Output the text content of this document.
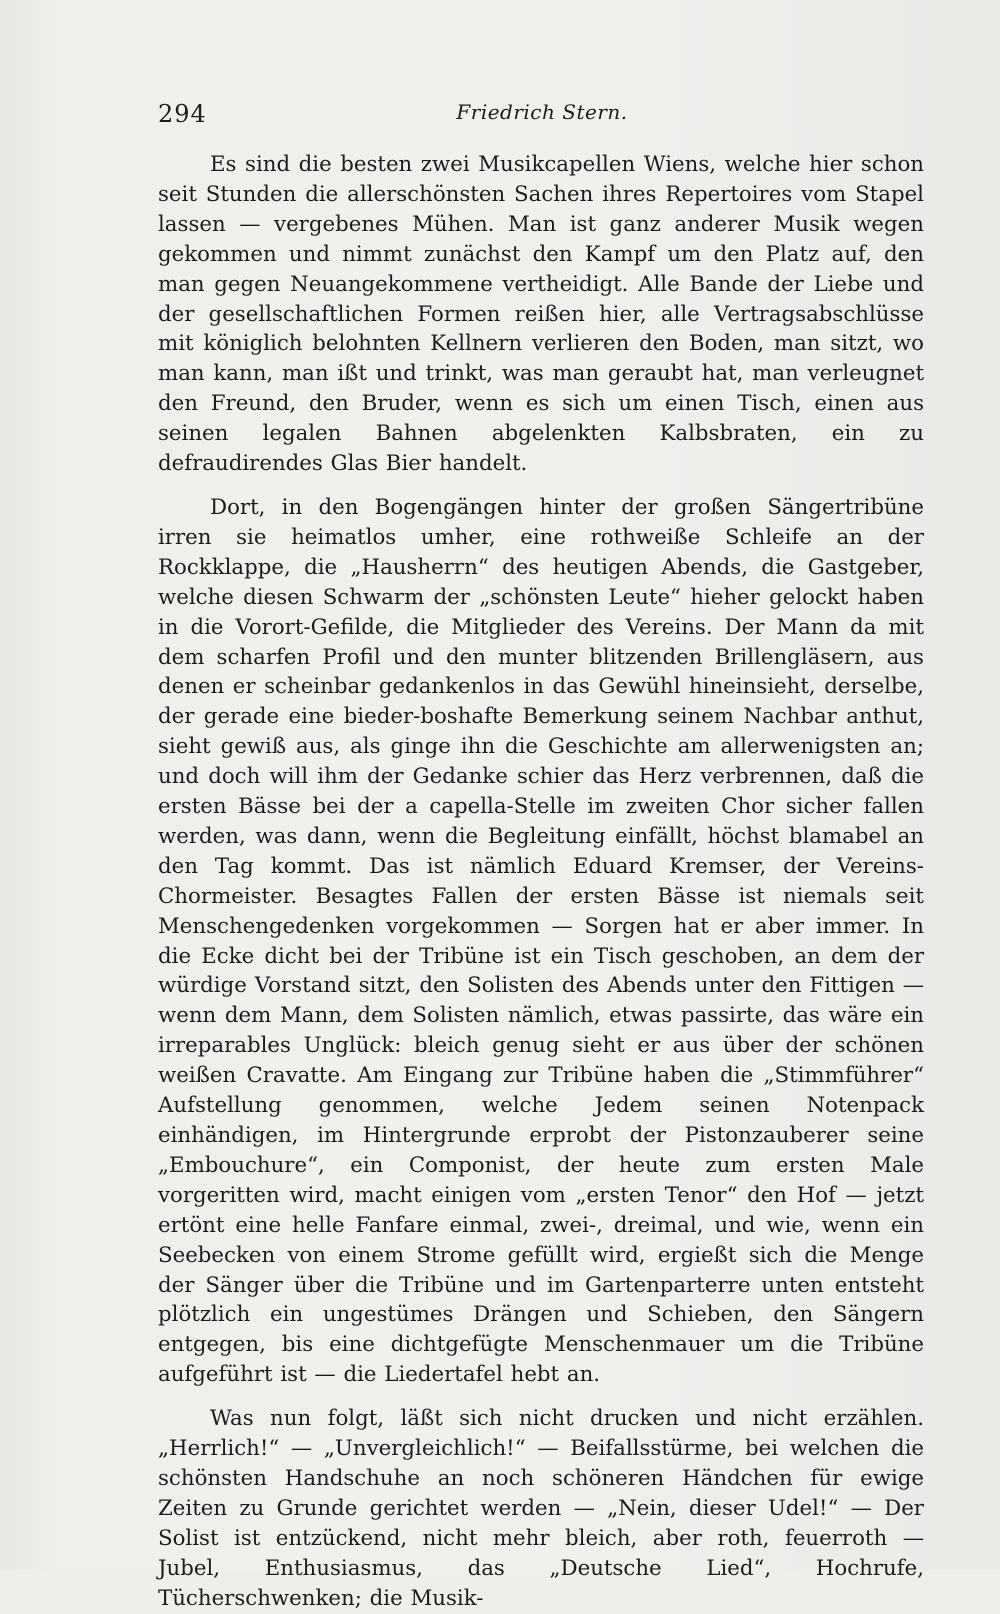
294	Friedrich Stern.

Es sind die besten zwei Musikcapellen Wiens, welche hier schon seit Stunden die allerschönsten Sachen ihres Repertoires vom Stapel lassen — vergebenes Mühen. Man ist ganz anderer Musik wegen gekommen und nimmt zunächst den Kampf um den Platz auf, den man gegen Neuangekommene vertheidigt. Alle Bande der Liebe und der gesellschaftlichen Formen reißen hier, alle Vertragsabschlüsse mit königlich belohnten Kellnern verlieren den Boden, man sitzt, wo man kann, man ißt und trinkt, was man geraubt hat, man verleugnet den Freund, den Bruder, wenn es sich um einen Tisch, einen aus seinen legalen Bahnen abgelenkten Kalbsbraten, ein zu defraudirendes Glas Bier handelt.

Dort, in den Bogengängen hinter der großen Sängertribüne irren sie heimatlos umher, eine rothweiße Schleife an der Rockklappe, die „Hausherrn“ des heutigen Abends, die Gastgeber, welche diesen Schwarm der „schönsten Leute“ hieher gelockt haben in die Vorort-Gefilde, die Mitglieder des Vereins. Der Mann da mit dem scharfen Profil und den munter blitzenden Brillengläsern, aus denen er scheinbar gedankenlos in das Gewühl hineinsieht, derselbe, der gerade eine bieder-boshafte Bemerkung seinem Nachbar anthut, sieht gewiß aus, als ginge ihn die Geschichte am allerwenigsten an; und doch will ihm der Gedanke schier das Herz verbrennen, daß die ersten Bässe bei der a capella-Stelle im zweiten Chor sicher fallen werden, was dann, wenn die Begleitung einfällt, höchst blamabel an den Tag kommt. Das ist nämlich Eduard Kremser, der Vereins-Chormeister. Besagtes Fallen der ersten Bässe ist niemals seit Menschengedenken vorgekommen — Sorgen hat er aber immer. In die Ecke dicht bei der Tribüne ist ein Tisch geschoben, an dem der würdige Vorstand sitzt, den Solisten des Abends unter den Fittigen — wenn dem Mann, dem Solisten nämlich, etwas passirte, das wäre ein irreparables Unglück: bleich genug sieht er aus über der schönen weißen Cravatte. Am Eingang zur Tribüne haben die „Stimmführer“ Aufstellung genommen, welche Jedem seinen Notenpack einhändigen, im Hintergrunde erprobt der Pistonzauberer seine „Embouchure“, ein Componist, der heute zum ersten Male vorgeritten wird, macht einigen vom „ersten Tenor“ den Hof — jetzt ertönt eine helle Fanfare einmal, zwei-, dreimal, und wie, wenn ein Seebecken von einem Strome gefüllt wird, ergießt sich die Menge der Sänger über die Tribüne und im Gartenparterre unten entsteht plötzlich ein ungestümes Drängen und Schieben, den Sängern entgegen, bis eine dichtgefügte Menschenmauer um die Tribüne aufgeführt ist — die Liedertafel hebt an.

Was nun folgt, läßt sich nicht drucken und nicht erzählen. „Herrlich!“ — „Unvergleichlich!“ — Beifallsstürme, bei welchen die schönsten Handschuhe an noch schöneren Händchen für ewige Zeiten zu Grunde gerichtet werden — „Nein, dieser Udel!“ — Der Solist ist entzückend, nicht mehr bleich, aber roth, feuerroth — Jubel, Enthusiasmus, das „Deutsche Lied“, Hochrufe, Tücherschwenken; die Musik-
